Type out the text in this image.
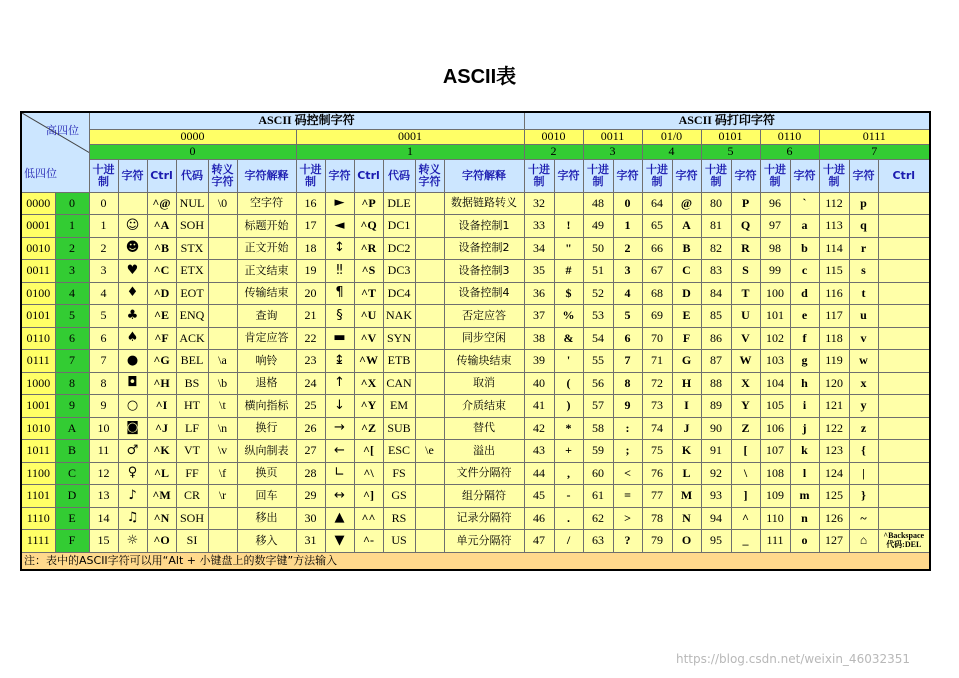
ASCII表
高四位
低四位		ASCII 码控制字符												ASCII 码打印字符												
		0000						0001						0010		0011		01/0		0101		0110		0111		
		0						1						2		3		4		5		6		7		
		十进制	字符	Ctrl	代码	转义字符	字符解释	十进制	字符	Ctrl	代码	转义字符	字符解释	十进制	字符	十进制	字符	十进制	字符	十进制	字符	十进制	字符	十进制	字符	Ctrl
0000	0	0		^@	NUL	\0	空字符	16	►	^P	DLE		数据链路转义	32		48	0	64	@	80	P	96	`	112	p	
0001	1	1	☺	^A	SOH		标题开始	17	◄	^Q	DC1		设备控制1	33	!	49	1	65	A	81	Q	97	a	113	q	
0010	2	2	☻	^B	STX		正文开始	18	↕	^R	DC2		设备控制2	34	"	50	2	66	B	82	R	98	b	114	r	
0011	3	3	♥	^C	ETX		正文结束	19	‼	^S	DC3		设备控制3	35	#	51	3	67	C	83	S	99	c	115	s	
0100	4	4	♦	^D	EOT		传输结束	20	¶	^T	DC4		设备控制4	36	$	52	4	68	D	84	T	100	d	116	t	
0101	5	5	♣	^E	ENQ		查询	21	§	^U	NAK		否定应答	37	%	53	5	69	E	85	U	101	e	117	u	
0110	6	6	♠	^F	ACK		肯定应答	22	▬	^V	SYN		同步空闲	38	&	54	6	70	F	86	V	102	f	118	v	
0111	7	7	●	^G	BEL	\a	响铃	23	↨	^W	ETB		传输块结束	39	'	55	7	71	G	87	W	103	g	119	w	
1000	8	8	◘	^H	BS	\b	退格	24	↑	^X	CAN		取消	40	(	56	8	72	H	88	X	104	h	120	x	
1001	9	9	○	^I	HT	\t	横向指标	25	↓	^Y	EM		介质结束	41	)	57	9	73	I	89	Y	105	i	121	y	
1010	A	10	◙	^J	LF	\n	换行	26	→	^Z	SUB		替代	42	*	58	:	74	J	90	Z	106	j	122	z	
1011	B	11	♂	^K	VT	\v	纵向制表	27	←	^[	ESC	\e	溢出	43	+	59	;	75	K	91	[	107	k	123	{	
1100	C	12	♀	^L	FF	\f	换页	28	∟	^\	FS		文件分隔符	44	,	60	<	76	L	92	\	108	l	124	|	
1101	D	13	♪	^M	CR	\r	回车	29	↔	^]	GS		组分隔符	45	-	61	=	77	M	93	]	109	m	125	}	
1110	E	14	♫	^N	SOH		移出	30	▲	^^	RS		记录分隔符	46	.	62	>	78	N	94	^	110	n	126	~	
1111	F	15	☼	^O	SI		移入	31	▼	^-	US		单元分隔符	47	/	63	?	79	O	95	_	111	o	127	⌂	^Backspace
代码:DEL

注：表中的ASCII字符可以用“Alt + 小键盘上的数字键”方法输入																										
https://blog.csdn.net/weixin_46032351
